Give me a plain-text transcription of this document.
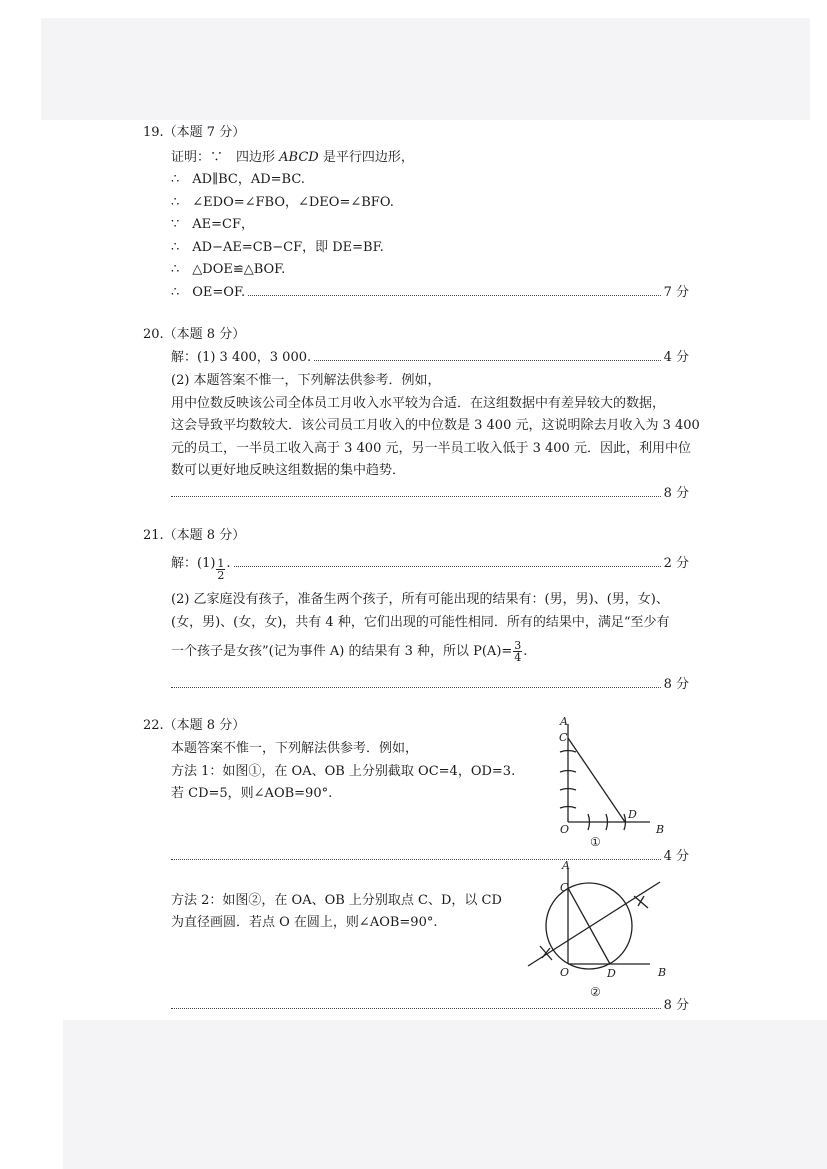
19.（本题 7 分）
证明：∵　四边形 ABCD 是平行四边形，
∴　AD∥BC，AD=BC.
∴　∠EDO=∠FBO，∠DEO=∠BFO.
∵　AE=CF，
∴　AD−AE=CB−CF，即 DE=BF.
∴　△DOE≌△BOF.
∴　OE=OF.	7 分
20.（本题 8 分）
解：(1) 3 400，3 000.	4 分
(2) 本题答案不惟一，下列解法供参考．例如，
用中位数反映该公司全体员工月收入水平较为合适．在这组数据中有差异较大的数据，
这会导致平均数较大．该公司员工月收入的中位数是 3 400 元，这说明除去月收入为 3 400
元的员工，一半员工收入高于 3 400 元，另一半员工收入低于 3 400 元．因此，利用中位
数可以更好地反映这组数据的集中趋势．
8 分
21.（本题 8 分）
解：$(1) \frac{1}{2}$ .	2 分
(2) 乙家庭没有孩子，准备生两个孩子，所有可能出现的结果有：(男，男)、(男，女)、
(女，男)、(女，女)，共有 4 种，它们出现的可能性相同．所有的结果中，满足“至少有
一个孩子是女孩”(记为事件 A) 的结果有 3 种，所以 $P(A)= \frac{3}{4}$ .
8 分
22.（本题 8 分）
本题答案不惟一，下列解法供参考．例如，
方法 1：如图①，在 OA、OB 上分别截取 OC=4，OD=3.
若 CD=5，则∠AOB=90°.
4 分
方法 2：如图②，在 OA、OB 上分别取点 C、D，以 CD
为直径画圆．若点 O 在圆上，则∠AOB=90°.
8 分
A
C
O
D
B
①
A
C
O	D	B
②
